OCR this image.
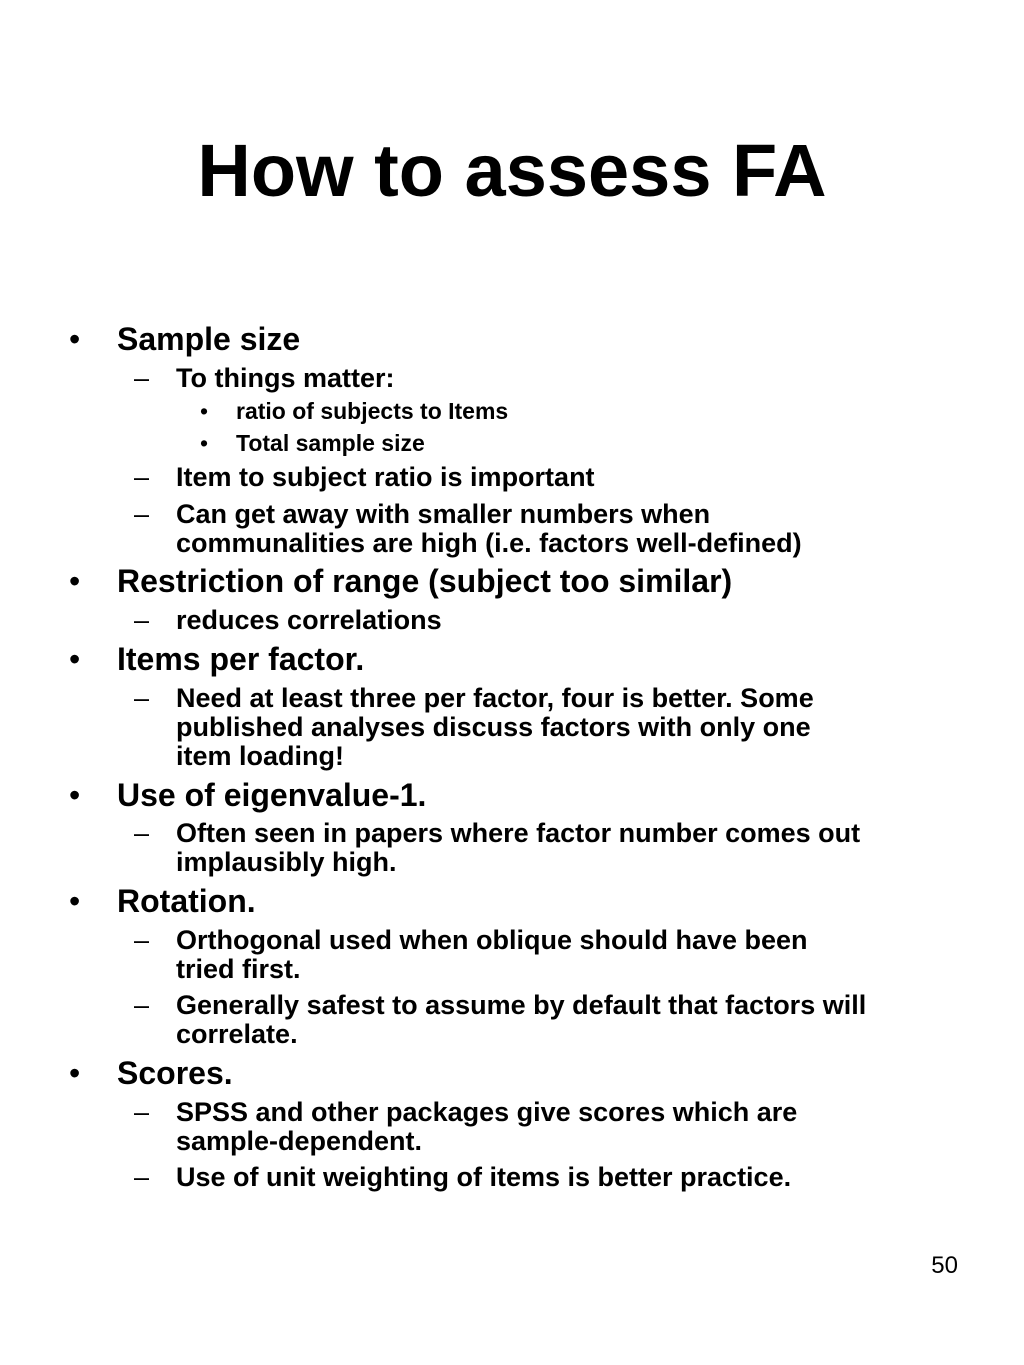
How to assess FA
• Sample size
– To things matter:
• ratio of subjects to Items
• Total sample size
– Item to subject ratio is important
– Can get away with smaller numbers when
communalities are high (i.e. factors well-defined)
• Restriction of range (subject too similar)
– reduces correlations
• Items per factor.
– Need at least three per factor, four is better. Some
published analyses discuss factors with only one
item loading!
• Use of eigenvalue-1.
– Often seen in papers where factor number comes out
implausibly high.
• Rotation.
– Orthogonal used when oblique should have been
tried first.
– Generally safest to assume by default that factors will
correlate.
• Scores.
– SPSS and other packages give scores which are
sample-dependent.
– Use of unit weighting of items is better practice.
50
